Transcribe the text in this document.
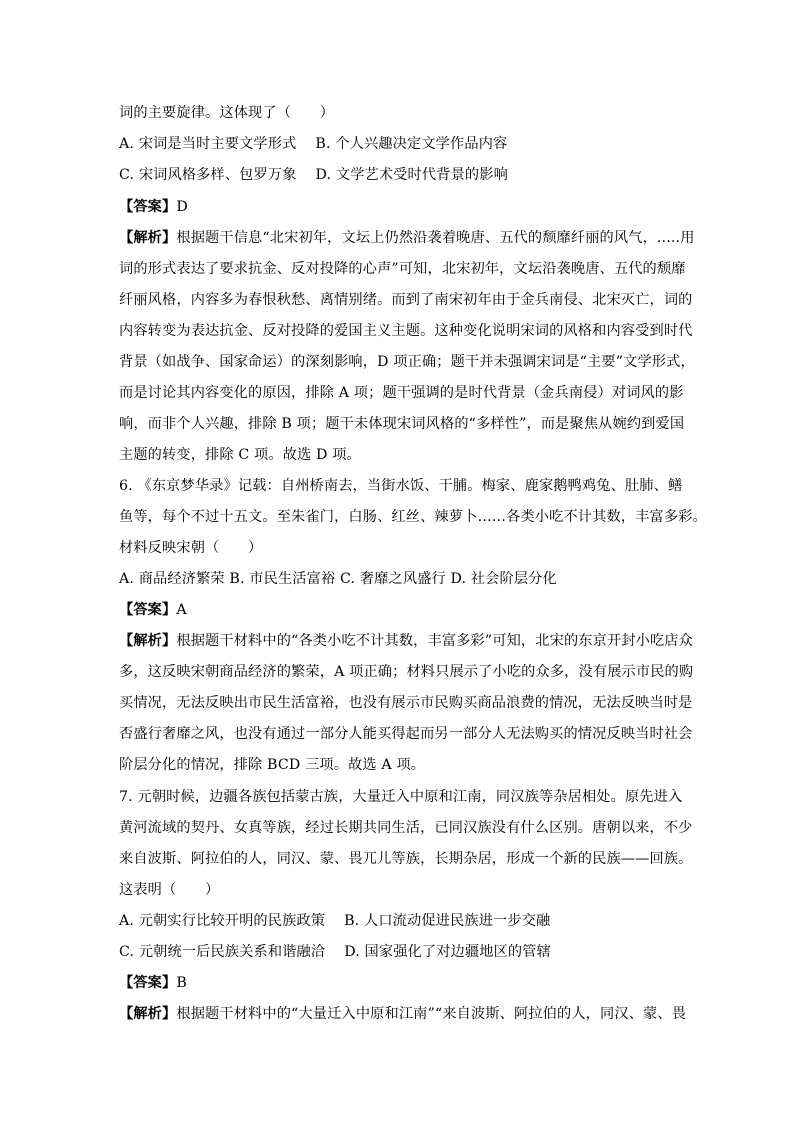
词的主要旋律。这体现了（　　）
A. 宋词是当时主要文学形式　 B. 个人兴趣决定文学作品内容
C. 宋词风格多样、包罗万象　 D. 文学艺术受时代背景的影响
【答案】D
【解析】根据题干信息“北宋初年，文坛上仍然沿袭着晚唐、五代的颓靡纤丽的风气，.....用
词的形式表达了要求抗金、反对投降的心声”可知，北宋初年，文坛沿袭晚唐、五代的颓靡
纤丽风格，内容多为春恨秋愁、离情别绪。而到了南宋初年由于金兵南侵、北宋灭亡，词的
内容转变为表达抗金、反对投降的爱国主义主题。这种变化说明宋词的风格和内容受到时代
背景（如战争、国家命运）的深刻影响，D 项正确；题干并未强调宋词是“主要”文学形式，
而是讨论其内容变化的原因，排除 A 项；题干强调的是时代背景（金兵南侵）对词风的影
响，而非个人兴趣，排除 B 项；题干未体现宋词风格的“多样性”，而是聚焦从婉约到爱国
主题的转变，排除 C 项。故选 D 项。
6. 《东京梦华录》记载：自州桥南去，当街水饭、干脯。梅家、鹿家鹅鸭鸡兔、肚肺、鳝
鱼等，每个不过十五文。至朱雀门，白肠、红丝、辣萝卜……各类小吃不计其数，丰富多彩。
材料反映宋朝（　　）
A. 商品经济繁荣 B. 市民生活富裕 C. 奢靡之风盛行 D. 社会阶层分化
【答案】A
【解析】根据题干材料中的“各类小吃不计其数，丰富多彩”可知，北宋的东京开封小吃店众
多，这反映宋朝商品经济的繁荣，A 项正确；材料只展示了小吃的众多，没有展示市民的购
买情况，无法反映出市民生活富裕，也没有展示市民购买商品浪费的情况，无法反映当时是
否盛行奢靡之风，也没有通过一部分人能买得起而另一部分人无法购买的情况反映当时社会
阶层分化的情况，排除 BCD 三项。故选 A 项。
7. 元朝时候，边疆各族包括蒙古族，大量迁入中原和江南，同汉族等杂居相处。原先进入
黄河流域的契丹、女真等族，经过长期共同生活，已同汉族没有什么区别。唐朝以来，不少
来自波斯、阿拉伯的人，同汉、蒙、畏兀儿等族，长期杂居，形成一个新的民族——回族。
这表明（　　）
A. 元朝实行比较开明的民族政策　 B. 人口流动促进民族进一步交融
C. 元朝统一后民族关系和谐融洽　 D. 国家强化了对边疆地区的管辖
【答案】B
【解析】根据题干材料中的“大量迁入中原和江南”“来自波斯、阿拉伯的人，同汉、蒙、畏
